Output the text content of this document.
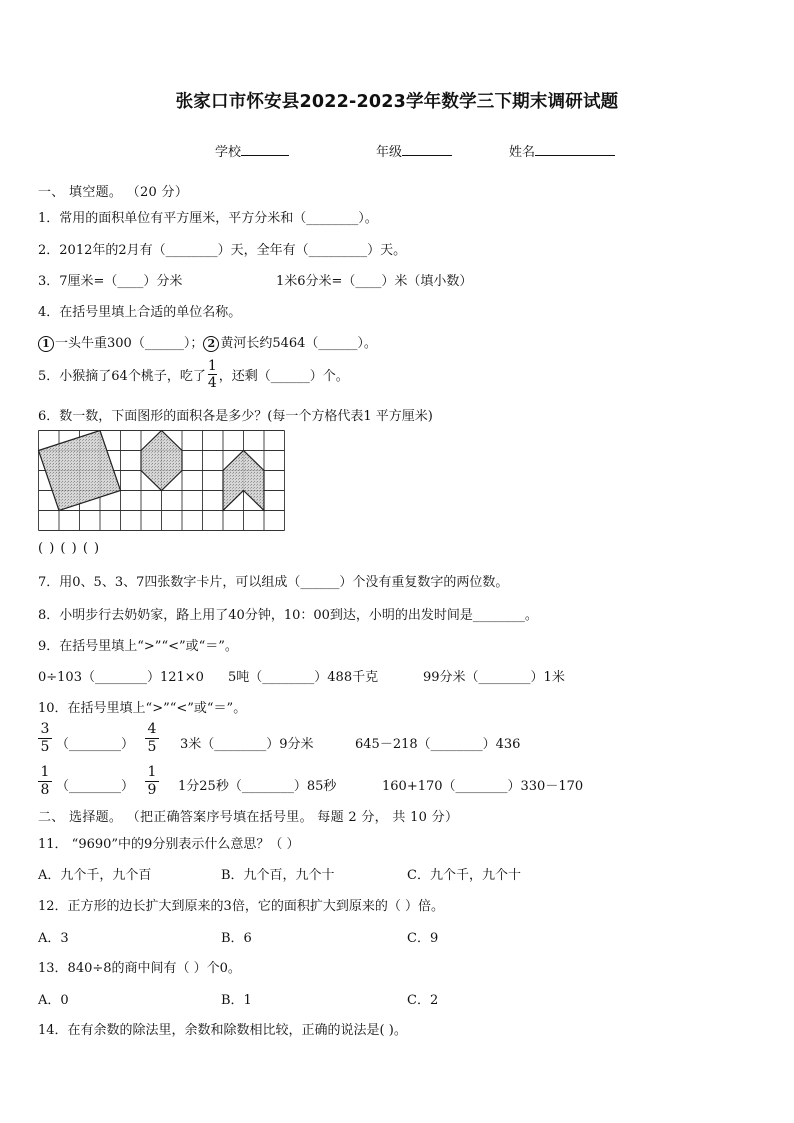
张家口市怀安县2022-2023学年数学三下期末调研试题
学校	年级	姓名
一、 填空题。 （20 分）
1．常用的面积单位有平方厘米，平方分米和（________）。
2．2012年的2月有（________）天，全年有（_________）天。
3．7厘米=（____）分米	1米6分米=（____）米（填小数）
4．在括号里填上合适的单位名称。
1 一头牛重300（______）； 2 黄河长约5464（______）。
5．小猴摘了64个桃子，吃了 $\frac{1}{4}$ ，还剩（______）个。
6．数一数，下面图形的面积各是多少？(每一个方格代表1 平方厘米)
( ) ( ) ( )
7．用0、5、3、7四张数字卡片，可以组成（______）个没有重复数字的两位数。
8．小明步行去奶奶家，路上用了40分钟，10：00到达，小明的出发时间是________。
9．在括号里填上“>”“<”或“＝”。
0÷103（________）121×0 5吨（________）488千克	99分米（________）1米
10．在括号里填上“>”“<”或“＝”。
3
5 （________）
4
5 3米（________）9分米	645－218（________）436
1
8 （________）
1
9 1分25秒（________）85秒	160+170（________）330－170
二、 选择题。 （把正确答案序号填在括号里。 每题 2 分， 共 10 分）
11． “9690”中的9分别表示什么意思？（ ）
A．九个千，九个百	B．九个百，九个十	C．九个千，九个十
12．正方形的边长扩大到原来的3倍，它的面积扩大到原来的（ ）倍。
A．3	B．6	C．9
13．840÷8的商中间有（ ）个0。
A．0	B．1	C．2
14．在有余数的除法里，余数和除数相比较，正确的说法是( )。
